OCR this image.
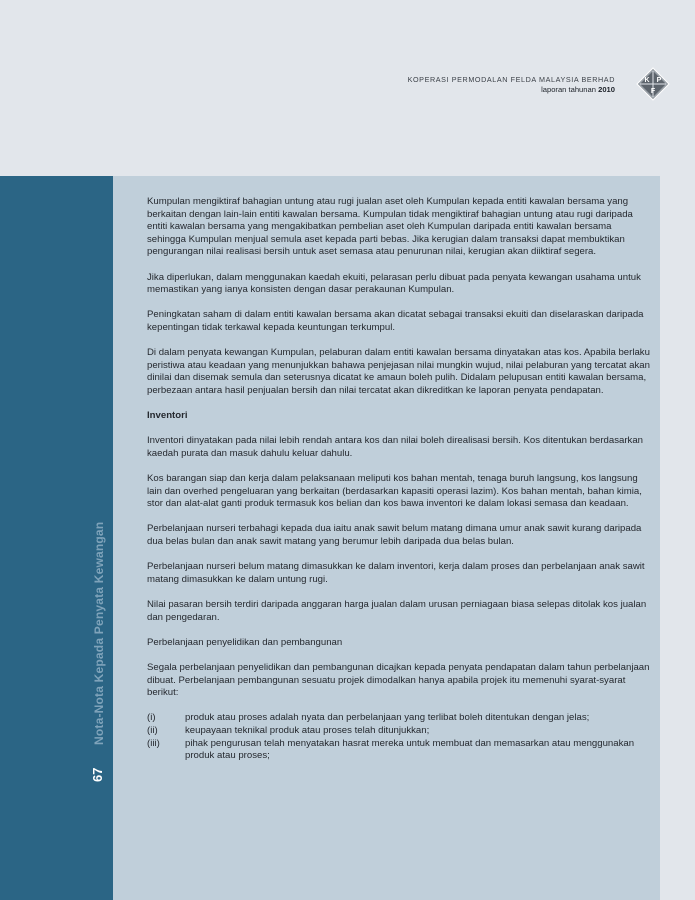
KOPERASI PERMODALAN FELDA MALAYSIA BERHAD
laporan tahunan 2010
K P
F
Nota-Nota Kepada Penyata Kewangan
67

Kumpulan mengiktiraf bahagian untung atau rugi jualan aset oleh Kumpulan kepada entiti kawalan bersama yang berkaitan dengan lain-lain entiti kawalan bersama. Kumpulan tidak mengiktiraf bahagian untung atau rugi daripada entiti kawalan bersama yang mengakibatkan pembelian aset oleh Kumpulan daripada entiti kawalan bersama sehingga Kumpulan menjual semula aset kepada parti bebas. Jika kerugian dalam transaksi dapat membuktikan pengurangan nilai realisasi bersih untuk aset semasa atau penurunan nilai, kerugian akan diiktiraf segera.

Jika diperlukan, dalam menggunakan kaedah ekuiti, pelarasan perlu dibuat pada penyata kewangan usahama untuk memastikan yang ianya konsisten dengan dasar perakaunan Kumpulan.

Peningkatan saham di dalam entiti kawalan bersama akan dicatat sebagai transaksi ekuiti dan diselaraskan daripada kepentingan tidak terkawal kepada keuntungan terkumpul.

Di dalam penyata kewangan Kumpulan, pelaburan dalam entiti kawalan bersama dinyatakan atas kos. Apabila berlaku peristiwa atau keadaan yang menunjukkan bahawa penjejasan nilai mungkin wujud, nilai pelaburan yang tercatat akan dinilai dan disemak semula dan seterusnya dicatat ke amaun boleh pulih. Didalam pelupusan entiti kawalan bersama, perbezaan antara hasil penjualan bersih dan nilai tercatat akan dikreditkan ke laporan penyata pendapatan.

Inventori

Inventori dinyatakan pada nilai lebih rendah antara kos dan nilai boleh direalisasi bersih. Kos ditentukan berdasarkan kaedah purata dan masuk dahulu keluar dahulu.

Kos barangan siap dan kerja dalam pelaksanaan meliputi kos bahan mentah, tenaga buruh langsung, kos langsung lain dan overhed pengeluaran yang berkaitan (berdasarkan kapasiti operasi lazim). Kos bahan mentah, bahan kimia, stor dan alat-alat ganti produk termasuk kos belian dan kos bawa inventori ke dalam lokasi semasa dan keadaan.

Perbelanjaan nurseri terbahagi kepada dua iaitu anak sawit belum matang dimana umur anak sawit kurang daripada dua belas bulan dan anak sawit matang yang berumur lebih daripada dua belas bulan.

Perbelanjaan nurseri belum matang dimasukkan ke dalam inventori, kerja dalam proses dan perbelanjaan anak sawit matang dimasukkan ke dalam untung rugi.

Nilai pasaran bersih terdiri daripada anggaran harga jualan dalam urusan perniagaan biasa selepas ditolak kos jualan dan pengedaran.

Perbelanjaan penyelidikan dan pembangunan

Segala perbelanjaan penyelidikan dan pembangunan dicajkan kepada penyata pendapatan dalam tahun perbelanjaan dibuat. Perbelanjaan pembangunan sesuatu projek dimodalkan hanya apabila projek itu memenuhi syarat-syarat berikut:

(i)	produk atau proses adalah nyata dan perbelanjaan yang terlibat boleh ditentukan dengan jelas;
(ii)	keupayaan teknikal produk atau proses telah ditunjukkan;
(iii)	pihak pengurusan telah menyatakan hasrat mereka untuk membuat dan memasarkan atau menggunakan produk atau proses;
